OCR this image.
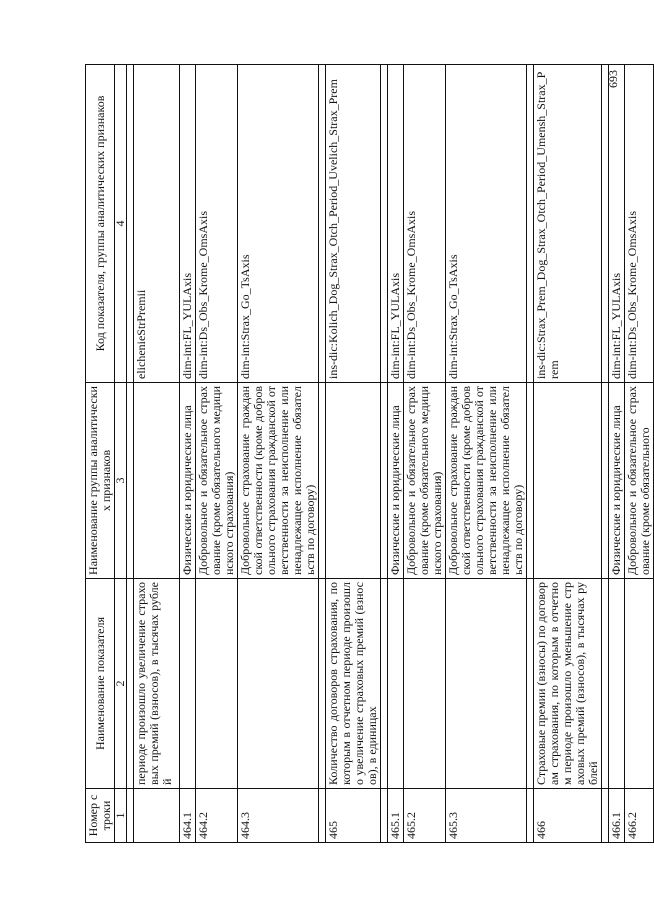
Номер строки	Наименование показателя	Наименование группы аналитических признаков	Код показателя, группы аналитических признаков
1	2	3	4

	периоде произошло увеличение страховых премий (взносов), в тысячах рублей		elichenieStrPremii
464.1		Физические и юридические лица	dim-int:FL_YULAxis
464.2		Добровольное и обязательное страхование (кроме обязательного медицинского страхования)	dim-int:Ds_Obs_Krome_OmsAxis
464.3		Добровольное страхование гражданской ответственности (кроме добровольного страхования гражданской ответственности за неисполнение или ненадлежащее исполнение обязательств по договору)	dim-int:Strax_Go_TsAxis

465	Количество договоров страхования, по которым в отчетном периоде произошло увеличение страховых премий (взносов), в единицах		ins-dic:Kolich_Dog_Strax_Otch_Period_Uvelich_Strax_Prem

465.1		Физические и юридические лица	dim-int:FL_YULAxis
465.2		Добровольное и обязательное страхование (кроме обязательного медицинского страхования)	dim-int:Ds_Obs_Krome_OmsAxis
465.3		Добровольное страхование гражданской ответственности (кроме добровольного страхования гражданской ответственности за неисполнение или ненадлежащее исполнение обязательств по договору)	dim-int:Strax_Go_TsAxis

466	Страховые премии (взносы) по договорам страхования, по которым в отчетном периоде произошло уменьшение страховых премий (взносов), в тысячах рублей		ins-dic:Strax_Prem_Dog_Strax_Otch_Period_Umensh_Strax_Prem

466.1		Физические и юридические лица	dim-int:FL_YULAxis
466.2		Добровольное и обязательное страхование (кроме обязательного	dim-int:Ds_Obs_Krome_OmsAxis
693
